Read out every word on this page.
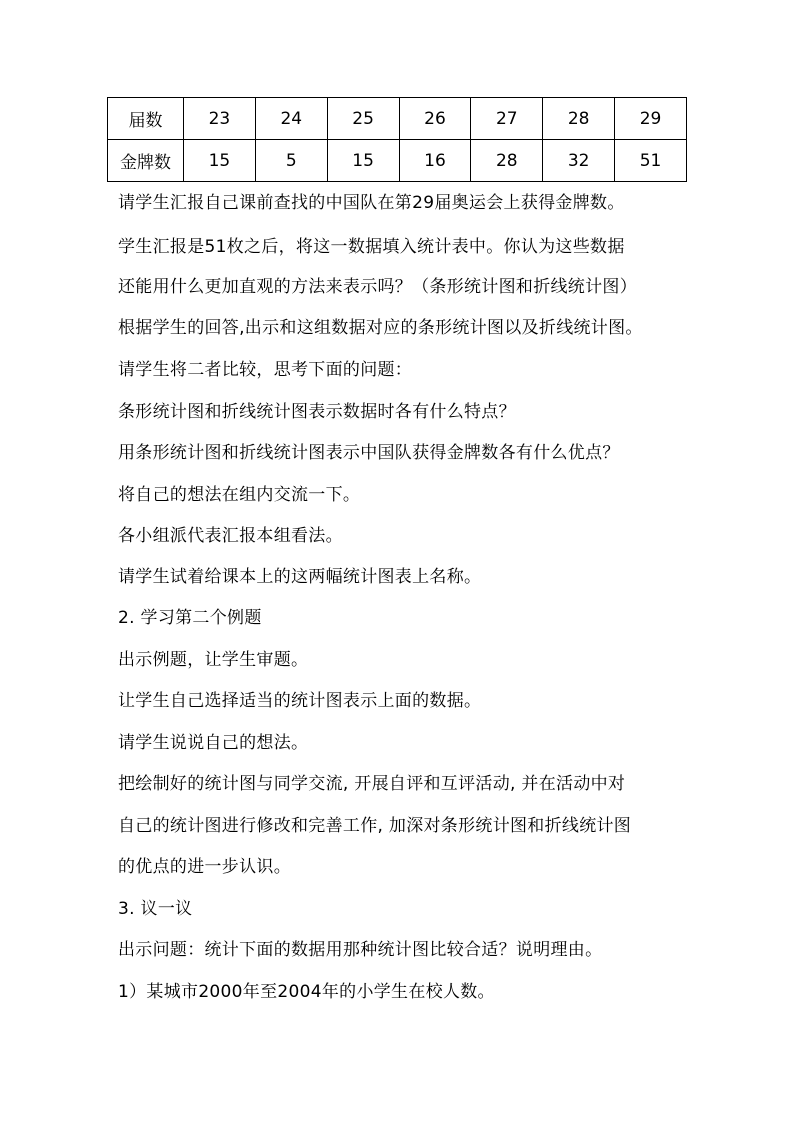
届数	23	24	25	26	27	28	29
金牌数	15	5	15	16	28	32	51
请学生汇报自己课前查找的中国队在第29届奥运会上获得金牌数。
学生汇报是51枚之后，将这一数据填入统计表中。你认为这些数据
还能用什么更加直观的方法来表示吗？（条形统计图和折线统计图）
根据学生的回答,出示和这组数据对应的条形统计图以及折线统计图。
请学生将二者比较，思考下面的问题：
条形统计图和折线统计图表示数据时各有什么特点？
用条形统计图和折线统计图表示中国队获得金牌数各有什么优点？
将自己的想法在组内交流一下。
各小组派代表汇报本组看法。
请学生试着给课本上的这两幅统计图表上名称。
2. 学习第二个例题
出示例题，让学生审题。
让学生自己选择适当的统计图表示上面的数据。
请学生说说自己的想法。
把绘制好的统计图与同学交流, 开展自评和互评活动, 并在活动中对
自己的统计图进行修改和完善工作, 加深对条形统计图和折线统计图
的优点的进一步认识。
3. 议一议
出示问题：统计下面的数据用那种统计图比较合适？说明理由。
1）某城市2000年至2004年的小学生在校人数。
